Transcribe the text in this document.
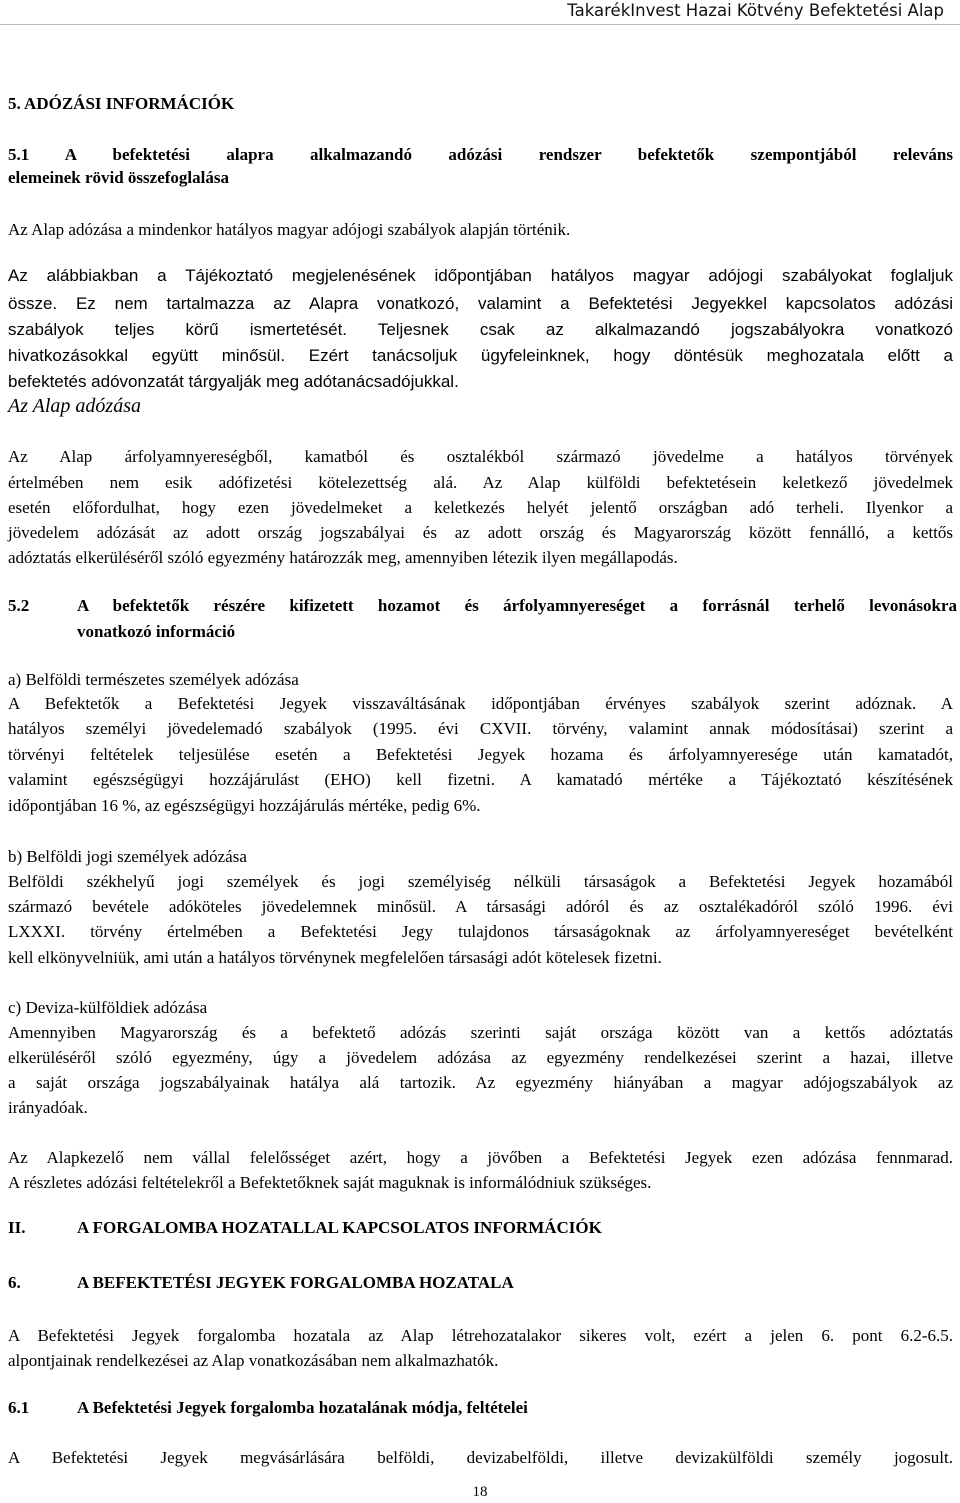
TakarékInvest Hazai Kötvény Befektetési Alap
5. ADÓZÁSI INFORMÁCIÓK
5.1 A befektetési alapra alkalmazandó adózási rendszer befektetők szempontjából releváns
elemeinek rövid összefoglalása
Az Alap adózása a mindenkor hatályos magyar adójogi szabályok alapján történik.
Az alábbiakban a Tájékoztató megjelenésének időpontjában hatályos magyar adójogi szabályokat foglaljuk
össze. Ez nem tartalmazza az Alapra vonatkozó, valamint a Befektetési Jegyekkel kapcsolatos adózási
szabályok teljes körű ismertetését. Teljesnek csak az alkalmazandó jogszabályokra vonatkozó
hivatkozásokkal együtt minősül. Ezért tanácsoljuk ügyfeleinknek, hogy döntésük meghozatala előtt a
befektetés adóvonzatát tárgyalják meg adótanácsadójukkal.
Az Alap adózása
Az Alap árfolyamnyereségből, kamatból és osztalékból származó jövedelme a hatályos törvények
értelmében nem esik adófizetési kötelezettség alá. Az Alap külföldi befektetésein keletkező jövedelmek
esetén előfordulhat, hogy ezen jövedelmeket a keletkezés helyét jelentő országban adó terheli. Ilyenkor a
jövedelem adózását az adott ország jogszabályai és az adott ország és Magyarország között fennálló, a kettős
adóztatás elkerüléséről szóló egyezmény határozzák meg, amennyiben létezik ilyen megállapodás.
5.2	A befektetők részére kifizetett hozamot és árfolyamnyereséget a forrásnál terhelő levonásokra
vonatkozó információ
a) Belföldi természetes személyek adózása
A Befektetők a Befektetési Jegyek visszaváltásának időpontjában érvényes szabályok szerint adóznak. A
hatályos személyi jövedelemadó szabályok (1995. évi CXVII. törvény, valamint annak módosításai) szerint a
törvényi feltételek teljesülése esetén a Befektetési Jegyek hozama és árfolyamnyeresége után kamatadót,
valamint egészségügyi hozzájárulást (EHO) kell fizetni. A kamatadó mértéke a Tájékoztató készítésének
időpontjában 16 %, az egészségügyi hozzájárulás mértéke, pedig 6%.
b) Belföldi jogi személyek adózása
Belföldi székhelyű jogi személyek és jogi személyiség nélküli társaságok a Befektetési Jegyek hozamából
származó bevétele adóköteles jövedelemnek minősül. A társasági adóról és az osztalékadóról szóló 1996. évi
LXXXI. törvény értelmében a Befektetési Jegy tulajdonos társaságoknak az árfolyamnyereséget bevételként
kell elkönyvelniük, ami után a hatályos törvénynek megfelelően társasági adót kötelesek fizetni.
c) Deviza-külföldiek adózása
Amennyiben Magyarország és a befektető adózás szerinti saját országa között van a kettős adóztatás
elkerüléséről szóló egyezmény, úgy a jövedelem adózása az egyezmény rendelkezései szerint a hazai, illetve
a saját országa jogszabályainak hatálya alá tartozik. Az egyezmény hiányában a magyar adójogszabályok az
irányadóak.
Az Alapkezelő nem vállal felelősséget azért, hogy a jövőben a Befektetési Jegyek ezen adózása fennmarad.
A részletes adózási feltételekről a Befektetőknek saját maguknak is informálódniuk szükséges.
II.	A FORGALOMBA HOZATALLAL KAPCSOLATOS INFORMÁCIÓK
6.	A BEFEKTETÉSI JEGYEK FORGALOMBA HOZATALA
A Befektetési Jegyek forgalomba hozatala az Alap létrehozatalakor sikeres volt, ezért a jelen 6. pont 6.2-6.5.
alpontjainak rendelkezései az Alap vonatkozásában nem alkalmazhatók.
6.1	A Befektetési Jegyek forgalomba hozatalának módja, feltételei
A Befektetési Jegyek megvásárlására belföldi, devizabelföldi, illetve devizakülföldi személy jogosult.
18
